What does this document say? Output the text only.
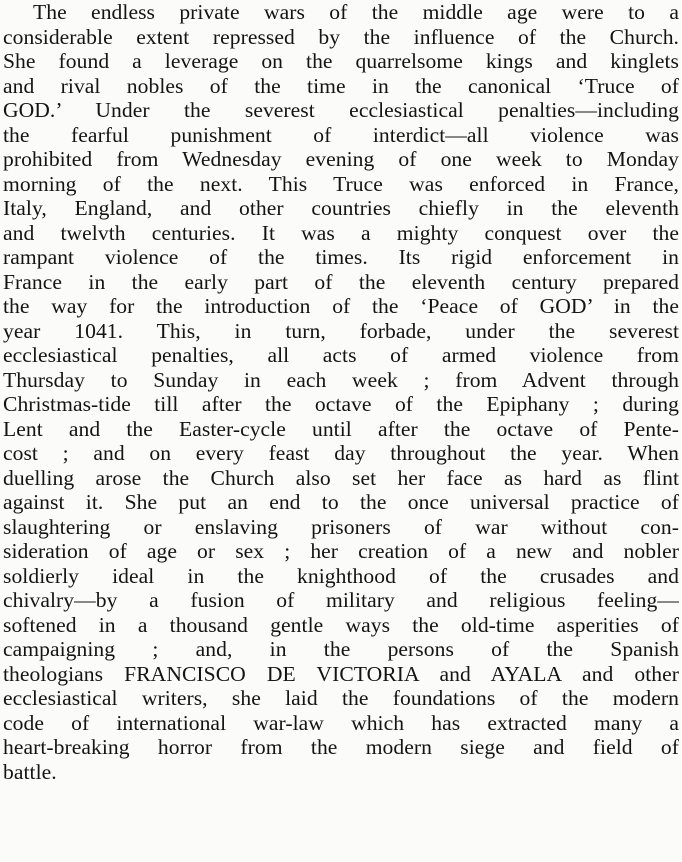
The endless private wars of the middle age were to a
considerable extent repressed by the influence of the Church.
She found a leverage on the quarrelsome kings and kinglets
and rival nobles of the time in the canonical ‘Truce of
GOD.’ Under the severest ecclesiastical penalties—including
the fearful punishment of interdict—all violence was
prohibited from Wednesday evening of one week to Monday
morning of the next. This Truce was enforced in France,
Italy, England, and other countries chiefly in the eleventh
and twelvth centuries. It was a mighty conquest over the
rampant violence of the times. Its rigid enforcement in
France in the early part of the eleventh century prepared
the way for the introduction of the ‘Peace of GOD’ in the
year 1041. This, in turn, forbade, under the severest
ecclesiastical penalties, all acts of armed violence from
Thursday to Sunday in each week ; from Advent through
Christmas-tide till after the octave of the Epiphany ; during
Lent and the Easter-cycle until after the octave of Pente-
cost ; and on every feast day throughout the year. When
duelling arose the Church also set her face as hard as flint
against it. She put an end to the once universal practice of
slaughtering or enslaving prisoners of war without con-
sideration of age or sex ; her creation of a new and nobler
soldierly ideal in the knighthood of the crusades and
chivalry—by a fusion of military and religious feeling—
softened in a thousand gentle ways the old-time asperities of
campaigning ; and, in the persons of the Spanish
theologians FRANCISCO DE VICTORIA and AYALA and other
ecclesiastical writers, she laid the foundations of the modern
code of international war-law which has extracted many a
heart-breaking horror from the modern siege and field of
battle.
